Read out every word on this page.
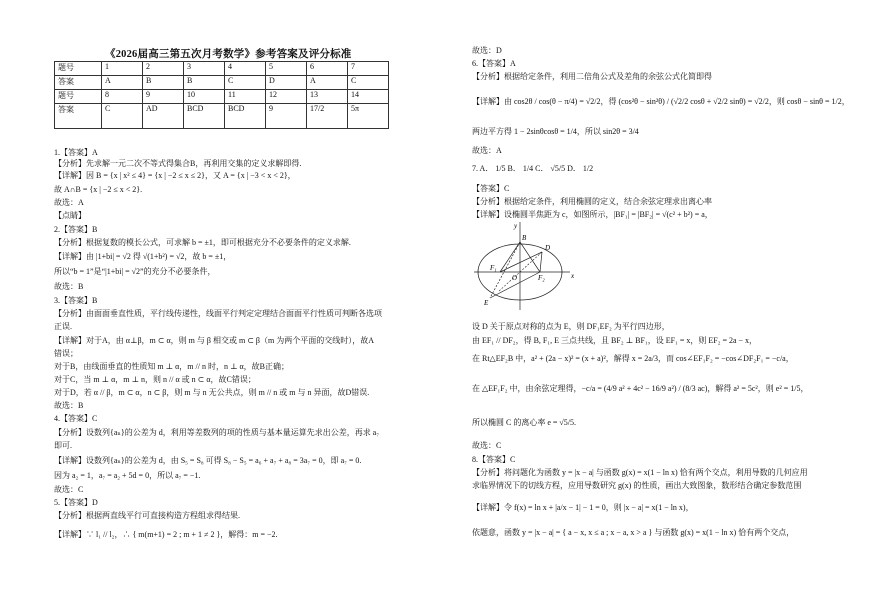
《2026届高三第五次月考数学》参考答案及评分标准
题号	1	2	3	4	5	6	7
答案	A	B	B	C	D	A	C
题号	8	9	10	11	12	13	14
答案	C	AD	BCD	BCD	9	17/2	5π
1.【答案】A
【分析】先求解一元二次不等式得集合B，再利用交集的定义求解即得.
【详解】因 B = {x | x² ≤ 4} = {x | −2 ≤ x ≤ 2}，又 A = {x | −3 < x < 2}，
故 A∩B = {x | −2 ≤ x < 2}.
故选：A
【点睛】
2.【答案】B
【分析】根据复数的模长公式，可求解 b = ±1，即可根据充分不必要条件的定义求解.
【详解】由 |1+bi| = √2 得 √(1+b²) = √2，故 b = ±1，
所以“b = 1”是“|1+bi| = √2”的充分不必要条件，
故选：B
3.【答案】B
【分析】由面面垂直性质，平行线传递性，线面平行判定定理结合面面平行性质可判断各选项
正误.
【详解】对于A，由 α⊥β，m ⊂ α，则 m 与 β 相交或 m ⊂ β（m 为两个平面的交线时），故A
错误；
对于B，由线面垂直的性质知 m ⊥ α，m // n 时，n ⊥ α，故B正确；
对于C，当 m ⊥ α，m ⊥ n，则 n // α 或 n ⊂ α，故C错误；
对于D，若 α // β，m ⊂ α，n ⊂ β，则 m 与 n 无公共点，则 m // n 或 m 与 n 异面，故D错误.
故选：B
4.【答案】C
【分析】设数列{aₙ}的公差为 d，利用等差数列的项的性质与基本量运算先求出公差，再求 a₇
即可.
【详解】设数列{aₙ}的公差为 d，由 S₅ = S₈ 可得 S₈ − S₅ = a₆ + a₇ + a₈ = 3a₇ = 0，即 a₇ = 0.
因为 a₂ = 1，a₇ = a₂ + 5d = 0，所以 a₇ = −1.
故选：C
5.【答案】D
【分析】根据两直线平行可直接构造方程组求得结果.
【详解】∵ l₁ // l₂，∴ { m(m+1) = 2 ; m + 1 ≠ 2 }，解得：m = −2.
故选：D
6.【答案】A
【分析】根据给定条件，利用二倍角公式及差角的余弦公式化简即得
【详解】由 cos2θ / cos(θ − π/4) = √2/2，得 (cos²θ − sin²θ) / (√2/2 cosθ + √2/2 sinθ) = √2/2，则 cosθ − sinθ = 1/2，
两边平方得 1 − 2sinθcosθ = 1/4，所以 sin2θ = 3/4
故选：A
7. A． 1/5 B． 1/4 C． √5/5 D． 1/2
【答案】C
【分析】根据给定条件，利用椭圆的定义，结合余弦定理求出离心率
【详解】设椭圆半焦距为 c，如图所示，|BF₁| = |BF₂| = √(c² + b²) = a，
y
B
D
F₁
F₂
O	x
E
设 D 关于原点对称的点为 E，则 DF₁EF₂ 为平行四边形，
由 EF₁ // DF₂，得 B, F₁, E 三点共线，且 BF₂ ⊥ BF₁，设 EF₁ = x，则 EF₂ = 2a − x，
在 Rt△EF₂B 中，a² + (2a − x)² = (x + a)²，解得 x = 2a/3，而 cos∠EF₁F₂ = −cos∠DF₂F₁ = −c/a，
在 △EF₁F₂ 中，由余弦定理得，−c/a = (4/9 a² + 4c² − 16/9 a²) / (8/3 ac)，解得 a² = 5c²，则 e² = 1/5，
所以椭圆 C 的离心率 e = √5/5.
故选：C
8.【答案】C
【分析】将问题化为函数 y = |x − a| 与函数 g(x) = x(1 − ln x) 恰有两个交点，利用导数的几何应用
求临界情况下的切线方程，应用导数研究 g(x) 的性质，画出大致图象，数形结合确定参数范围
【详解】令 f(x) = ln x + |a/x − 1| − 1 = 0，则 |x − a| = x(1 − ln x)，
依题意，函数 y = |x − a| = { a − x, x ≤ a ; x − a, x > a } 与函数 g(x) = x(1 − ln x) 恰有两个交点，
